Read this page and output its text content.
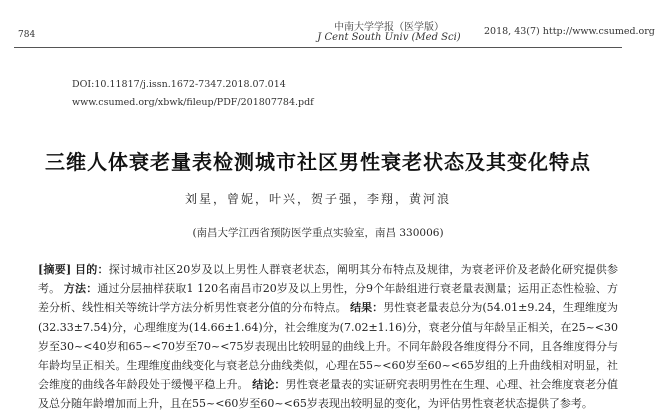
784
中南大学学报（医学版）
J Cent South Univ (Med Sci)
2018, 43(7) http://www.csumed.org
DOI:10.11817/j.issn.1672-7347.2018.07.014
www.csumed.org/xbwk/fileup/PDF/201807784.pdf
三维人体衰老量表检测城市社区男性衰老状态及其变化特点
刘星，曾妮，叶兴，贺子强，李翔，黄河浪
(南昌大学江西省预防医学重点实验室，南昌 330006)
[摘要] 目的：探讨城市社区20岁及以上男性人群衰老状态，阐明其分布特点及规律，为衰老评价及老龄化研究提供参考。 方法：通过分层抽样获取1 120名南昌市20岁及以上男性，分9个年龄组进行衰老量表测量；运用正态性检验、方差分析、线性相关等统计学方法分析男性衰老分值的分布特点。 结果：男性衰老量表总分为(54.01±9.24，生理维度为(32.33±7.54)分，心理维度为(14.66±1.64)分，社会维度为(7.02±1.16)分，衰老分值与年龄呈正相关，在25~<30岁至30~<40岁和65~<70岁至70~<75岁表现出比较明显的曲线上升。不同年龄段各维度得分不同，且各维度得分与年龄均呈正相关。生理维度曲线变化与衰老总分曲线类似，心理在55~<60岁至60~<65岁组的上升曲线相对明显，社会维度的曲线各年龄段处于缓慢平稳上升。 结论：男性衰老量表的实证研究表明男性在生理、心理、社会维度衰老分值及总分随年龄增加而上升，且在55~<60岁至60~<65岁表现出较明显的变化，为评估男性衰老状态提供了参考。
